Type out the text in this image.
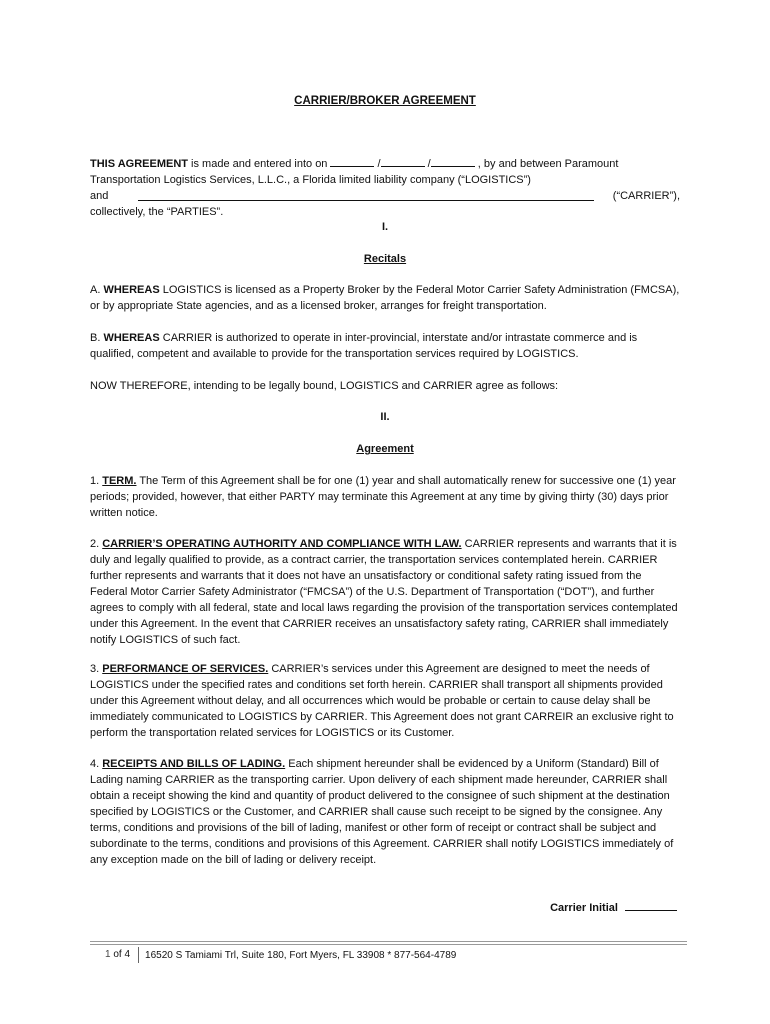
CARRIER/BROKER AGREEMENT

THIS AGREEMENT is made and entered into on	/	/	, by and between Paramount

Transportation Logistics Services, L.L.C., a Florida limited liability company (“LOGISTICS”)

and	(“CARRIER”),

collectively, the “PARTIES”.

I.
Recitals

A. WHEREAS LOGISTICS is licensed as a Property Broker by the Federal Motor Carrier Safety Administration (FMCSA), or by appropriate State agencies, and as a licensed broker, arranges for freight transportation.

B. WHEREAS CARRIER is authorized to operate in inter-provincial, interstate and/or intrastate commerce and is qualified, competent and available to provide for the transportation services required by LOGISTICS.

NOW THEREFORE, intending to be legally bound, LOGISTICS and CARRIER agree as follows:
II.
Agreement

1. TERM. The Term of this Agreement shall be for one (1) year and shall automatically renew for successive one (1) year periods; provided, however, that either PARTY may terminate this Agreement at any time by giving thirty (30) days prior written notice.

2. CARRIER’S OPERATING AUTHORITY AND COMPLIANCE WITH LAW. CARRIER represents and warrants that it is duly and legally qualified to provide, as a contract carrier, the transportation services contemplated herein. CARRIER further represents and warrants that it does not have an unsatisfactory or conditional safety rating issued from the Federal Motor Carrier Safety Administrator (“FMCSA”) of the U.S. Department of Transportation (“DOT”), and further agrees to comply with all federal, state and local laws regarding the provision of the transportation services contemplated under this Agreement. In the event that CARRIER receives an unsatisfactory safety rating, CARRIER shall immediately notify LOGISTICS of such fact.

3. PERFORMANCE OF SERVICES. CARRIER’s services under this Agreement are designed to meet the needs of LOGISTICS under the specified rates and conditions set forth herein. CARRIER shall transport all shipments provided under this Agreement without delay, and all occurrences which would be probable or certain to cause delay shall be immediately communicated to LOGISTICS by CARRIER. This Agreement does not grant CARREIR an exclusive right to perform the transportation related services for LOGISTICS or its Customer.

4. RECEIPTS AND BILLS OF LADING. Each shipment hereunder shall be evidenced by a Uniform (Standard) Bill of Lading naming CARRIER as the transporting carrier. Upon delivery of each shipment made hereunder, CARRIER shall obtain a receipt showing the kind and quantity of product delivered to the consignee of such shipment at the destination specified by LOGISTICS or the Customer, and CARRIER shall cause such receipt to be signed by the consignee. Any terms, conditions and provisions of the bill of lading, manifest or other form of receipt or contract shall be subject and subordinate to the terms, conditions and provisions of this Agreement. CARRIER shall notify LOGISTICS immediately of any exception made on the bill of lading or delivery receipt.

Carrier Initial
1 of 4	16520 S Tamiami Trl, Suite 180, Fort Myers, FL 33908 * 877-564-4789
